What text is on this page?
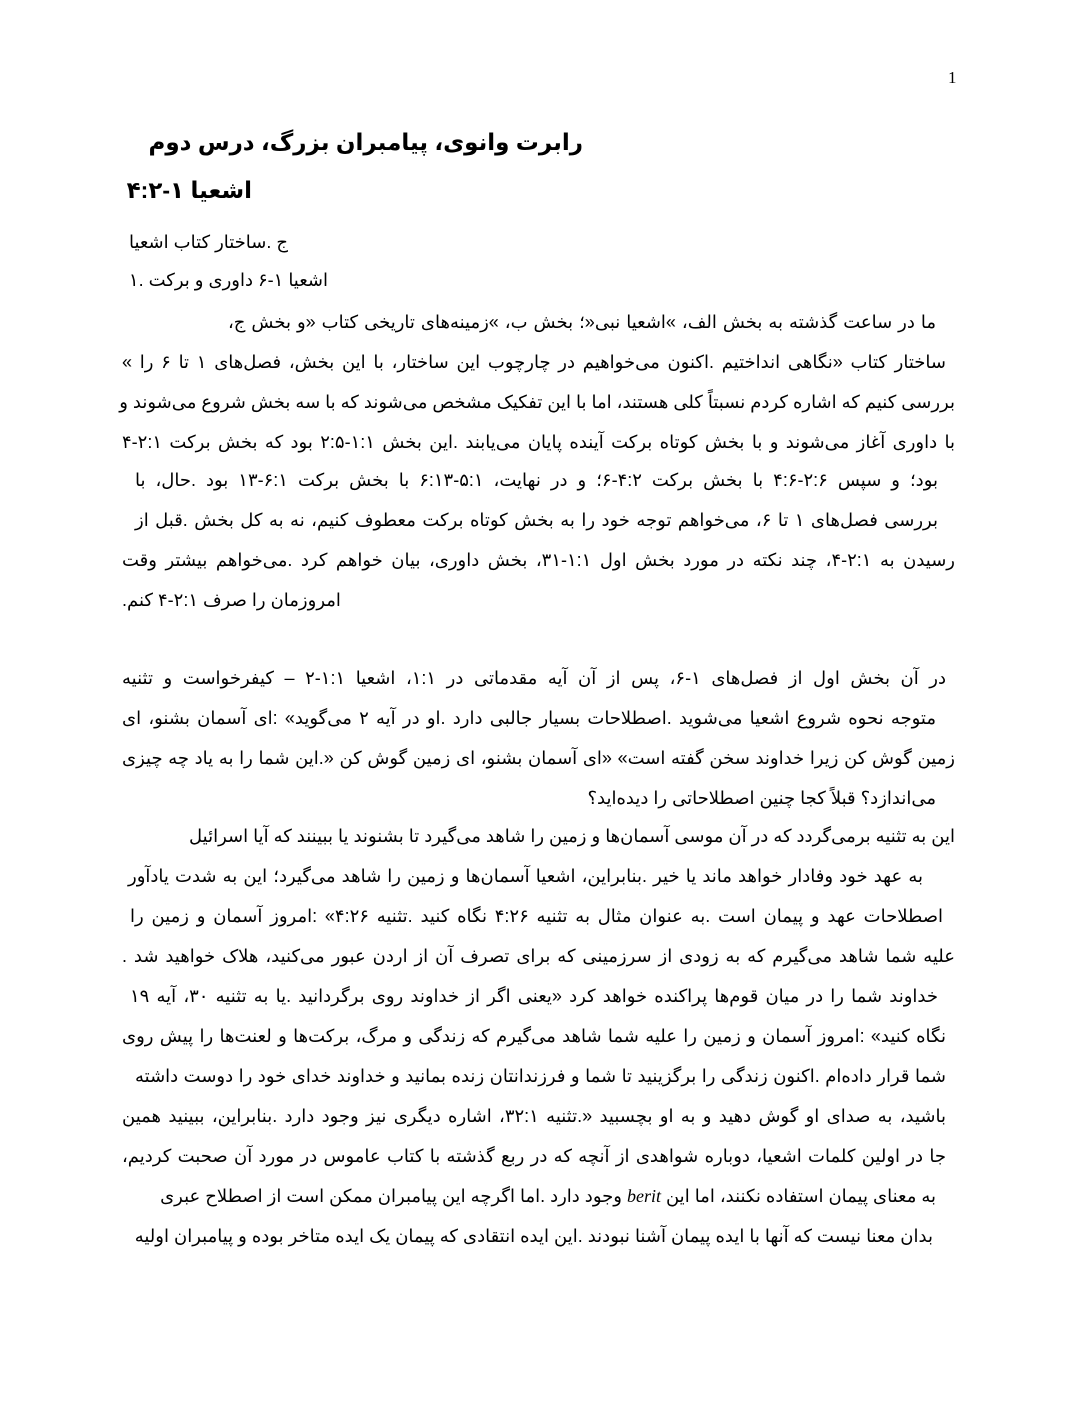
1
رابرت وانوی، پیامبران بزرگ، درس دوم
اشعیا ۱-۴:۲
ج .ساختار کتاب اشعیا
اشعیا ۱-۶ داوری و برکت .۱
ما در ساعت گذشته به بخش الف، »اشعیا نبی«؛ بخش ب، »زمینه‌های تاریخی کتاب «و بخش ج،
ساختار کتاب «نگاهی انداختیم .اکنون می‌خواهیم در چارچوب این ساختار، با این بخش، فصل‌های ۱ تا ۶ را »
بررسی کنیم که اشاره کردم نسبتاً کلی هستند، اما با این تفکیک مشخص می‌شوند که با سه بخش شروع می‌شوند و
با داوری آغاز می‌شوند و با بخش کوتاه برکت آینده پایان می‌یابند .این بخش ۱:۱-۲:۵ بود که بخش برکت ۲:۱-۴
بود؛ و سپس ۲:۶-۴:۶ با بخش برکت ۴:۲-۶؛ و در نهایت، ۵:۱-۶:۱۳ با بخش برکت ۶:۱-۱۳ بود .حال، با
بررسی فصل‌های ۱ تا ۶، می‌خواهم توجه خود را به بخش کوتاه برکت معطوف کنیم، نه به کل بخش .قبل از
رسیدن به ۲:۱-۴، چند نکته در مورد بخش اول ۱:۱-۳۱، بخش داوری، بیان خواهم کرد .می‌خواهم بیشتر وقت
.امروزمان را صرف ۲:۱-۴ کنم
در آن بخش اول از فصل‌های ۱-۶، پس از آن آیه مقدماتی در ۱:۱، اشعیا ۱:۱-۲ – کیفرخواست و تثنیه
متوجه نحوه شروع اشعیا می‌شوید .اصطلاحات بسیار جالبی دارد .او در آیه ۲ می‌گوید» :ای آسمان بشنو، ای
زمین گوش کن زیرا خداوند سخن گفته است» «ای آسمان بشنو، ای زمین گوش کن «.این شما را به یاد چه چیزی
می‌اندازد؟ قبلاً کجا چنین اصطلاحاتی را دیده‌اید؟
این به تثنیه برمی‌گردد که در آن موسی آسمان‌ها و زمین را شاهد می‌گیرد تا بشنوند یا ببینند که آیا اسرائیل
به عهد خود وفادار خواهد ماند یا خیر .بنابراین، اشعیا آسمان‌ها و زمین را شاهد می‌گیرد؛ این به شدت یادآور
اصطلاحات عهد و پیمان است .به عنوان مثال به تثنیه ۴:۲۶ نگاه کنید .تثنیه ۴:۲۶» :امروز آسمان و زمین را
علیه شما شاهد می‌گیرم که به زودی از سرزمینی که برای تصرف آن از اردن عبور می‌کنید، هلاک خواهید شد .
خداوند شما را در میان قوم‌ها پراکنده خواهد کرد «یعنی اگر از خداوند روی برگردانید .یا به تثنیه ۳۰، آیه ۱۹
نگاه کنید» :امروز آسمان و زمین را علیه شما شاهد می‌گیرم که زندگی و مرگ، برکت‌ها و لعنت‌ها را پیش روی
شما قرار داده‌ام .اکنون زندگی را برگزینید تا شما و فرزندانتان زنده بمانید و خداوند خدای خود را دوست داشته
باشید، به صدای او گوش دهید و به او بچسبید «.تثنیه ۳۲:۱، اشاره دیگری نیز وجود دارد .بنابراین، ببینید همین
جا در اولین کلمات اشعیا، دوباره شواهدی از آنچه که در ربع گذشته با کتاب عاموس در مورد آن صحبت کردیم،
به معنای پیمان استفاده نکنند، اما این berit وجود دارد .اما اگرچه این پیامبران ممکن است از اصطلاح عبری
بدان معنا نیست که آنها با ایده پیمان آشنا نبودند .این ایده انتقادی که پیمان یک ایده متاخر بوده و پیامبران اولیه
